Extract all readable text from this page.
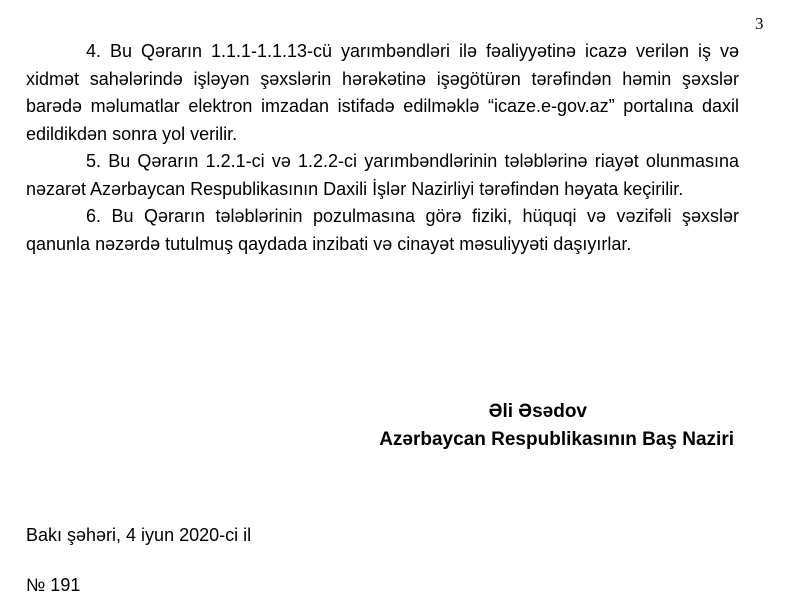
3

4. Bu Qərarın 1.1.1-1.1.13-cü yarımbəndləri ilə fəaliyyətinə icazə verilən iş və xidmət sahələrində işləyən şəxslərin hərəkətinə işəgötürən tərəfindən həmin şəxslər barədə məlumatlar elektron imzadan istifadə edilməklə “icaze.e-gov.az” portalına daxil edildikdən sonra yol verilir.

5. Bu Qərarın 1.2.1-ci və 1.2.2-ci yarımbəndlərinin tələblərinə riayət olunmasına nəzarət Azərbaycan Respublikasının Daxili İşlər Nazirliyi tərəfindən həyata keçirilir.

6. Bu Qərarın tələblərinin pozulmasına görə fiziki, hüquqi və vəzifəli şəxslər qanunla nəzərdə tutulmuş qaydada inzibati və cinayət məsuliyyəti daşıyırlar.

Əli Əsədov
Azərbaycan Respublikasının Baş Naziri
Bakı şəhəri, 4 iyun 2020-ci il
№ 191
